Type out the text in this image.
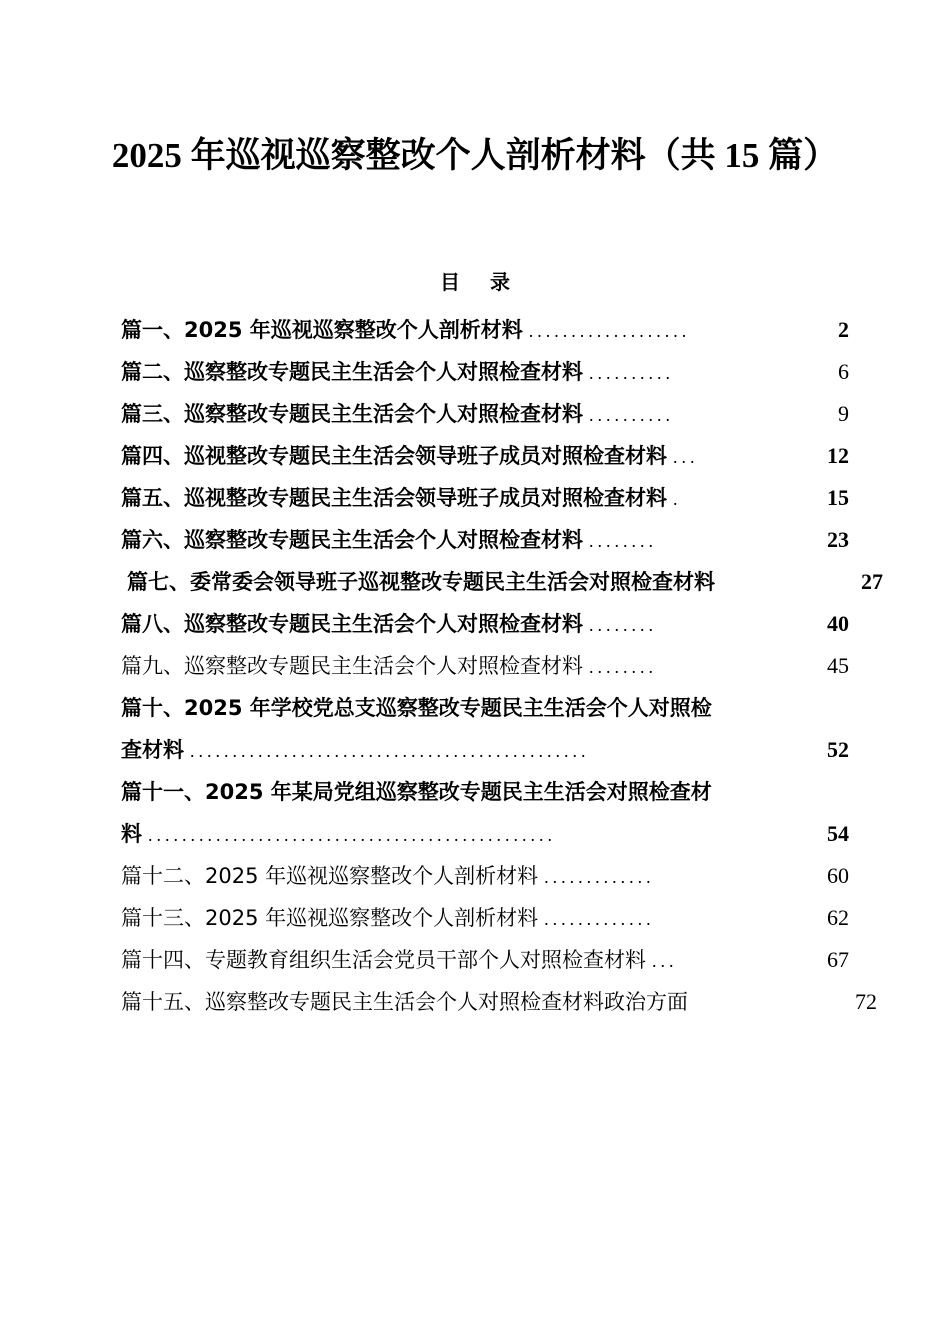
2025 年巡视巡察整改个人剖析材料（共 15 篇）
目录
篇一、2025 年巡视巡察整改个人剖析材料 ...................	2
篇二、巡察整改专题民主生活会个人对照检查材料 ..........	6
篇三、巡察整改专题民主生活会个人对照检查材料 ..........	9
篇四、巡视整改专题民主生活会领导班子成员对照检查材料 ...	12
篇五、巡视整改专题民主生活会领导班子成员对照检查材料 .	15
篇六、巡察整改专题民主生活会个人对照检查材料 ........	23
篇七、委常委会领导班子巡视整改专题民主生活会对照检查材料	27
篇八、巡察整改专题民主生活会个人对照检查材料 ........	40
篇九、巡察整改专题民主生活会个人对照检查材料 ........	45
篇十、2025 年学校党总支巡察整改专题民主生活会个人对照检
查材料 ...............................................	52
篇十一、2025 年某局党组巡察整改专题民主生活会对照检查材
料 ................................................	54
篇十二、2025 年巡视巡察整改个人剖析材料 .............	60
篇十三、2025 年巡视巡察整改个人剖析材料 .............	62
篇十四、专题教育组织生活会党员干部个人对照检查材料 ...	67
篇十五、巡察整改专题民主生活会个人对照检查材料政治方面	72
